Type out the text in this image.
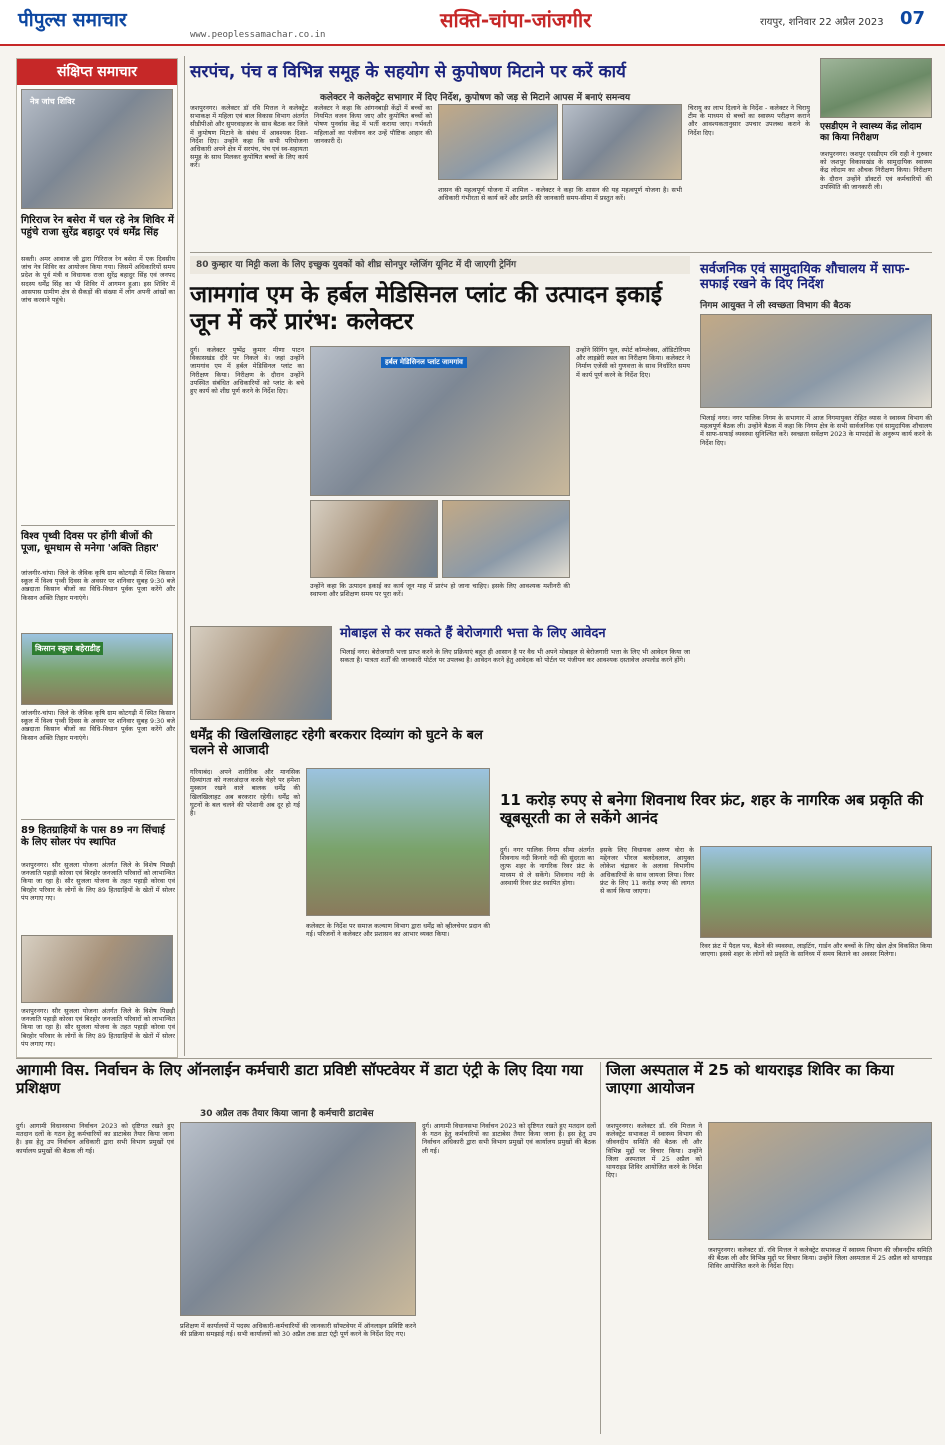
पीपुल्स समाचार
www.peoplessamachar.co.in
सक्ति-चांपा-जांजगीर	रायपुर, शनिवार 22 अप्रैल 2023 07
संक्षिप्त समाचार
नेत्र जांच शिविर
गिरिराज रेन बसेरा में चल रहे नेत्र शिविर में पहुंचे राजा सुरेंद्र बहादुर एवं धर्मेंद्र सिंह
सक्ती। अमर आवाज जी द्वारा गिरिराज रेन बसेरा में एक दिवसीय जांच नेत्र शिविर का आयोजन किया गया। जिसमें अधिकारियों समय प्रदेश के पूर्व मंत्री व विधायक राजा सुरेंद्र बहादुर सिंह एवं जनपद सदस्य धर्मेंद्र सिंह का भी शिविर में आगमन हुआ। इस शिविर में आसपास ग्रामीण क्षेत्र से सैकड़ों की संख्या में लोग अपनी आंखों का जांच करवाने पहुंचे।
विश्व पृथ्वी दिवस पर होंगी बीजों की पूजा, धूमधाम से मनेगा 'अक्ति तिहार'
जांजगीर-चांपा। जिले के जैविक कृषि ग्राम कोटगढ़ी में स्थित किसान स्कूल में विश्व पृथ्वी दिवस के अवसर पर शनिवार सुबह 9:30 बजे अन्नदाता किसान बीजों का विधि-विधान पूर्वक पूजा करेंगे और किसान अक्ति तिहार मनाएंगे।
किसान स्कूल बहेराडीह
जांजगीर-चांपा। जिले के जैविक कृषि ग्राम कोटगढ़ी में स्थित किसान स्कूल में विश्व पृथ्वी दिवस के अवसर पर शनिवार सुबह 9:30 बजे अन्नदाता किसान बीजों का विधि-विधान पूर्वक पूजा करेंगे और किसान अक्ति तिहार मनाएंगे।
89 हितग्राहियों के पास 89 नग सिंचाई के लिए सोलर पंप स्थापित
जशपुरनगर। सौर सुजला योजना अंतर्गत जिले के विशेष पिछड़ी जनजाति पहाड़ी कोरवा एवं बिरहोर जनजाति परिवारों को लाभान्वित किया जा रहा है। सौर सुजला योजना के तहत पहाड़ी कोरवा एवं बिरहोर परिवार के लोगों के लिए 89 हितग्राहियों के खेतों में सोलर पंप लगाए गए।
जशपुरनगर। सौर सुजला योजना अंतर्गत जिले के विशेष पिछड़ी जनजाति पहाड़ी कोरवा एवं बिरहोर जनजाति परिवारों को लाभान्वित किया जा रहा है। सौर सुजला योजना के तहत पहाड़ी कोरवा एवं बिरहोर परिवार के लोगों के लिए 89 हितग्राहियों के खेतों में सोलर पंप लगाए गए।
सरपंच, पंच व विभिन्न समूह के सहयोग से कुपोषण मिटाने पर करें कार्य
कलेक्टर ने कलेक्ट्रेट सभागार में दिए निर्देश, कुपोषण को जड़ से मिटाने आपस में बनाएं समन्वय
जशपुरनगर। कलेक्टर डॉ रवि मित्तल ने कलेक्ट्रेट सभाकक्ष में महिला एवं बाल विकास विभाग अंतर्गत सीडीपीओ और सुपरवाइजर के साथ बैठक कर जिले में कुपोषण मिटाने के संबंध में आवश्यक दिशा-निर्देश दिए। उन्होंने कहा कि सभी परियोजना अधिकारी अपने क्षेत्र में सरपंच, पंच एवं स्व-सहायता समूह के साथ मिलकर कुपोषित बच्चों के लिए कार्य करें।
कलेक्टर ने कहा कि आंगनबाड़ी केंद्रों में बच्चों का नियमित वजन किया जाए और कुपोषित बच्चों को पोषण पुनर्वास केंद्र में भर्ती कराया जाए। गर्भवती महिलाओं का पंजीयन कर उन्हें पौष्टिक आहार की जानकारी दें।
शासन की महत्वपूर्ण योजना में शामिल - कलेक्टर ने कहा कि शासन की यह महत्वपूर्ण योजना है। सभी अधिकारी गंभीरता से कार्य करें और प्रगति की जानकारी समय-सीमा में प्रस्तुत करें।
चिरायु का लाभ दिलाने के निर्देश - कलेक्टर ने चिरायु टीम के माध्यम से बच्चों का स्वास्थ्य परीक्षण कराने और आवश्यकतानुसार उपचार उपलब्ध कराने के निर्देश दिए।
एसडीएम ने स्वास्थ्य केंद्र लोदाम का किया निरीक्षण
जशपुरनगर। जशपुर एसडीएम रवि राही ने गुरुवार को जशपुर विकासखंड के सामुदायिक स्वास्थ्य केंद्र लोदाम का औचक निरीक्षण किया। निरीक्षण के दौरान उन्होंने डॉक्टरों एवं कर्मचारियों की उपस्थिति की जानकारी ली।
80 कुम्हार या मिट्टी कला के लिए इच्छुक युवकों को शीघ्र सोनपुर ग्लेजिंग यूनिट में दी जाएगी ट्रेनिंग
जामगांव एम के हर्बल मेडिसिनल प्लांट की उत्पादन इकाई जून में करें प्रारंभ: कलेक्टर
दुर्ग। कलेक्टर पुष्पेंद्र कुमार मीणा पाटन विकासखंड दौरे पर निकले थे। जहां उन्होंने जामगांव एम में हर्बल मेडिसिनल प्लांट का निरीक्षण किया। निरीक्षण के दौरान उन्होंने उपस्थित संबंधित अधिकारियों को प्लांट के बचे हुए कार्य को शीघ्र पूर्ण करने के निर्देश दिए।
हर्बल मेडिसिनल प्लांट जामगांव
उन्होंने कहा कि उत्पादन इकाई का कार्य जून माह में प्रारंभ हो जाना चाहिए। इसके लिए आवश्यक मशीनरी की स्थापना और प्रशिक्षण समय पर पूरा करें।
उन्होंने सिंगिंग पूल, स्पोर्ट कॉम्प्लेक्स, ऑडिटोरियम और लाइब्रेरी स्थल का निरीक्षण किया। कलेक्टर ने निर्माण एजेंसी को गुणवत्ता के साथ निर्धारित समय में कार्य पूर्ण करने के निर्देश दिए।
सर्वजनिक एवं सामुदायिक शौचालय में साफ-सफाई रखने के दिए निर्देश
निगम आयुक्त ने ली स्वच्छता विभाग की बैठक
भिलाई नगर। नगर पालिक निगम के सभागार में आज निगमायुक्त रोहित व्यास ने स्वास्थ्य विभाग की महत्वपूर्ण बैठक ली। उन्होंने बैठक में कहा कि निगम क्षेत्र के सभी सार्वजनिक एवं सामुदायिक शौचालय में साफ-सफाई व्यवस्था सुनिश्चित करें। स्वच्छता सर्वेक्षण 2023 के मापदंडों के अनुरूप कार्य करने के निर्देश दिए।
मोबाइल से कर सकते हैं बेरोजगारी भत्ता के लिए आवेदन
भिलाई नगर। बेरोजगारी भत्ता प्राप्त करने के लिए प्रक्रियाएं बहुत ही आसान है पर वैध भी अपने मोबाइल से बेरोजगारी भत्ता के लिए भी आवेदन किया जा सकता है। पात्रता शर्तों की जानकारी पोर्टल पर उपलब्ध है। आवेदन करने हेतु आवेदक को पोर्टल पर पंजीयन कर आवश्यक दस्तावेज अपलोड करने होंगे।
धर्मेंद्र की खिलखिलाहट रहेगी बरकरार दिव्यांग को घुटने के बल चलने से आजादी
गरियाबंद। अपने शारीरिक और मानसिक दिव्यांगता को नजरअंदाज करके चेहरे पर हमेशा मुस्कान रखने वाले बालक धर्मेंद्र की खिलखिलाहट अब बरकरार रहेगी। धर्मेंद्र को घुटनों के बल चलने की परेशानी अब दूर हो गई है।
कलेक्टर के निर्देश पर समाज कल्याण विभाग द्वारा धर्मेंद्र को व्हीलचेयर प्रदान की गई। परिजनों ने कलेक्टर और प्रशासन का आभार व्यक्त किया।
11 करोड़ रुपए से बनेगा शिवनाथ रिवर फ्रंट, शहर के नागरिक अब प्रकृति की खूबसूरती का ले सकेंगे आनंद
दुर्ग। नगर पालिक निगम सीमा अंतर्गत शिवनाथ नदी किनारे नदी की सुंदरता का लुत्फ शहर के नागरिक रिवर फ्रंट के माध्यम से ले सकेंगे। शिवनाथ नदी के अस्थायी रिवर फ्रंट स्थापित होगा।
इसके लिए विधायक अरुण वोरा के मद्देनजर भीरज बलदेवलाल, आयुक्त लोकेश चंद्राकर के अलावा विभागीय अधिकारियों के साथ जायजा लिया। रिवर फ्रंट के लिए 11 करोड़ रुपए की लागत से कार्य किया जाएगा।
रिवर फ्रंट में पैदल पथ, बैठने की व्यवस्था, लाइटिंग, गार्डन और बच्चों के लिए खेल क्षेत्र विकसित किया जाएगा। इससे शहर के लोगों को प्रकृति के सानिध्य में समय बिताने का अवसर मिलेगा।
आगामी विस. निर्वाचन के लिए ऑनलाईन कर्मचारी डाटा प्रविष्टी सॉफ्टवेयर में डाटा एंट्री के लिए दिया गया प्रशिक्षण
30 अप्रैल तक तैयार किया जाना है कर्मचारी डाटाबेस
दुर्ग। आगामी विधानसभा निर्वाचन 2023 को दृष्टिगत रखते हुए मतदान दलों के गठन हेतु कर्मचारियों का डाटाबेस तैयार किया जाना है। इस हेतु उप निर्वाचन अधिकारी द्वारा सभी विभाग प्रमुखों एवं कार्यालय प्रमुखों की बैठक ली गई।
प्रशिक्षण में कार्यालयों में पदस्थ अधिकारी-कर्मचारियों की जानकारी सॉफ्टवेयर में ऑनलाइन प्रविष्टि करने की प्रक्रिया समझाई गई। सभी कार्यालयों को 30 अप्रैल तक डाटा एंट्री पूर्ण करने के निर्देश दिए गए।
दुर्ग। आगामी विधानसभा निर्वाचन 2023 को दृष्टिगत रखते हुए मतदान दलों के गठन हेतु कर्मचारियों का डाटाबेस तैयार किया जाना है। इस हेतु उप निर्वाचन अधिकारी द्वारा सभी विभाग प्रमुखों एवं कार्यालय प्रमुखों की बैठक ली गई।
जिला अस्पताल में 25 को थायराइड शिविर का किया जाएगा आयोजन
जशपुरनगर। कलेक्टर डॉ. रवि मित्तल ने कलेक्ट्रेट सभाकक्ष में स्वास्थ्य विभाग की जीवनदीप समिति की बैठक ली और विभिन्न मुद्दों पर विचार किया। उन्होंने जिला अस्पताल में 25 अप्रैल को थायराइड शिविर आयोजित करने के निर्देश दिए।
जशपुरनगर। कलेक्टर डॉ. रवि मित्तल ने कलेक्ट्रेट सभाकक्ष में स्वास्थ्य विभाग की जीवनदीप समिति की बैठक ली और विभिन्न मुद्दों पर विचार किया। उन्होंने जिला अस्पताल में 25 अप्रैल को थायराइड शिविर आयोजित करने के निर्देश दिए।
